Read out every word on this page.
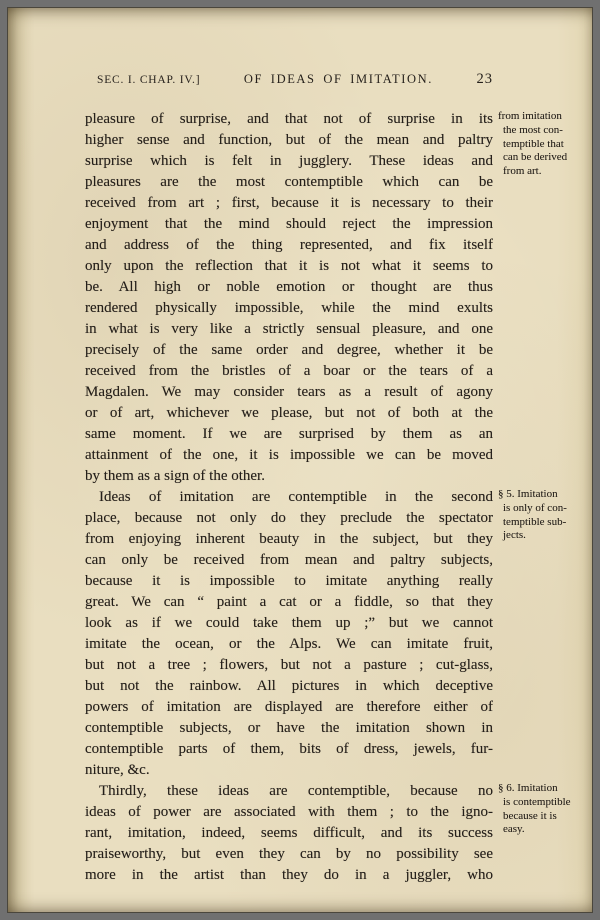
SEC. I. CHAP. IV.]	OF IDEAS OF IMITATION.	23
pleasure of surprise, and that not of surprise in its
higher sense and function, but of the mean and paltry
surprise which is felt in jugglery. These ideas and
pleasures are the most contemptible which can be
received from art ; first, because it is necessary to their
enjoyment that the mind should reject the impression
and address of the thing represented, and fix itself
only upon the reflection that it is not what it seems to
be. All high or noble emotion or thought are thus
rendered physically impossible, while the mind exults
in what is very like a strictly sensual pleasure, and one
precisely of the same order and degree, whether it be
received from the bristles of a boar or the tears of a
Magdalen. We may consider tears as a result of agony
or of art, whichever we please, but not of both at the
same moment. If we are surprised by them as an
attainment of the one, it is impossible we can be moved
by them as a sign of the other.
Ideas of imitation are contemptible in the second
place, because not only do they preclude the spectator
from enjoying inherent beauty in the subject, but they
can only be received from mean and paltry subjects,
because it is impossible to imitate anything really
great. We can “ paint a cat or a fiddle, so that they
look as if we could take them up ;” but we cannot
imitate the ocean, or the Alps. We can imitate fruit,
but not a tree ; flowers, but not a pasture ; cut-glass,
but not the rainbow. All pictures in which deceptive
powers of imitation are displayed are therefore either of
contemptible subjects, or have the imitation shown in
contemptible parts of them, bits of dress, jewels, fur-
niture, &c.
Thirdly, these ideas are contemptible, because no
ideas of power are associated with them ; to the igno-
rant, imitation, indeed, seems difficult, and its success
praiseworthy, but even they can by no possibility see
more in the artist than they do in a juggler, who
from imitation
the most con-
temptible that
can be derived
from art.
§ 5. Imitation
is only of con-
temptible sub-
jects.
§ 6. Imitation
is contemptible
because it is
easy.
